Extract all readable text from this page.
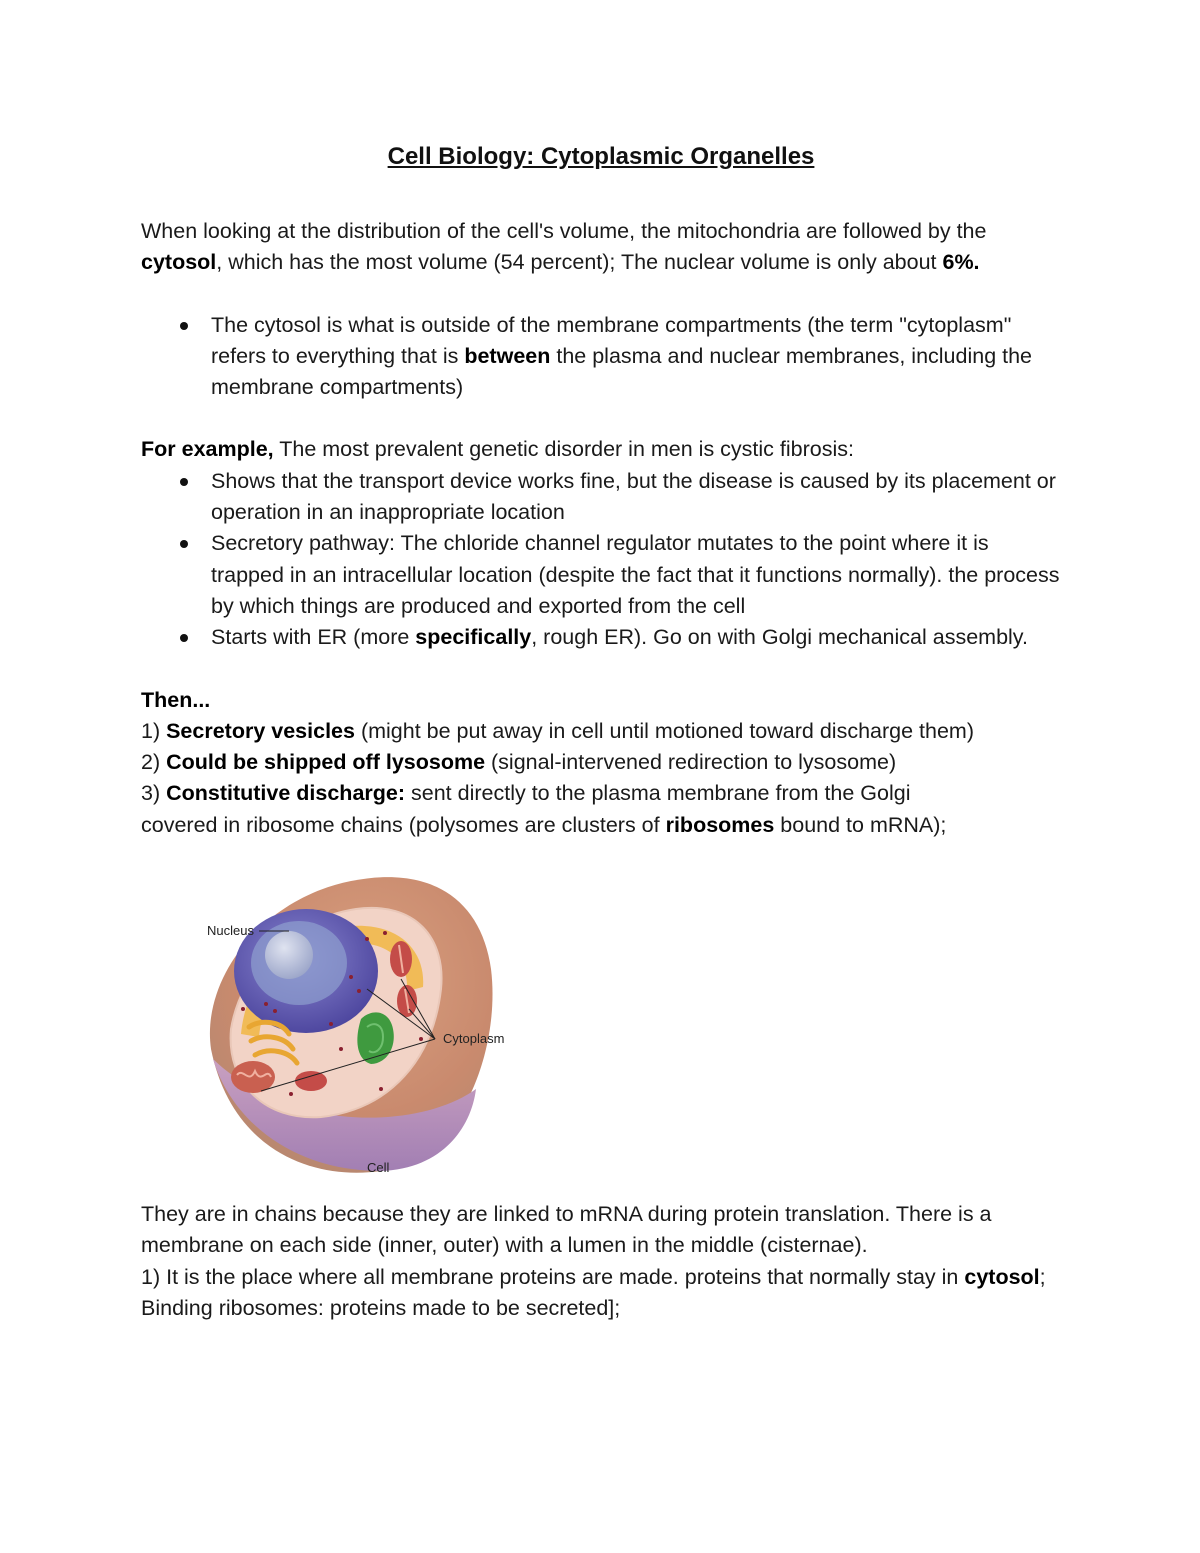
Cell Biology: Cytoplasmic Organelles

When looking at the distribution of the cell's volume, the mitochondria are followed by the cytosol, which has the most volume (54 percent); The nuclear volume is only about 6%.

The cytosol is what is outside of the membrane compartments (the term "cytoplasm" refers to everything that is between the plasma and nuclear membranes, including the membrane compartments)

For example, The most prevalent genetic disorder in men is cystic fibrosis:

Shows that the transport device works fine, but the disease is caused by its placement or operation in an inappropriate location
Secretory pathway: The chloride channel regulator mutates to the point where it is trapped in an intracellular location (despite the fact that it functions normally). the process by which things are produced and exported from the cell
Starts with ER (more specifically, rough ER). Go on with Golgi mechanical assembly.

Then...

1) Secretory vesicles (might be put away in cell until motioned toward discharge them)

2) Could be shipped off lysosome (signal-intervened redirection to lysosome)

3) Constitutive discharge: sent directly to the plasma membrane from the Golgi

covered in ribosome chains (polysomes are clusters of ribosomes bound to mRNA);

Nucleus
Cytoplasm
Cell

They are in chains because they are linked to mRNA during protein translation. There is a membrane on each side (inner, outer) with a lumen in the middle (cisternae).

1) It is the place where all membrane proteins are made. proteins that normally stay in cytosol; Binding ribosomes: proteins made to be secreted];
